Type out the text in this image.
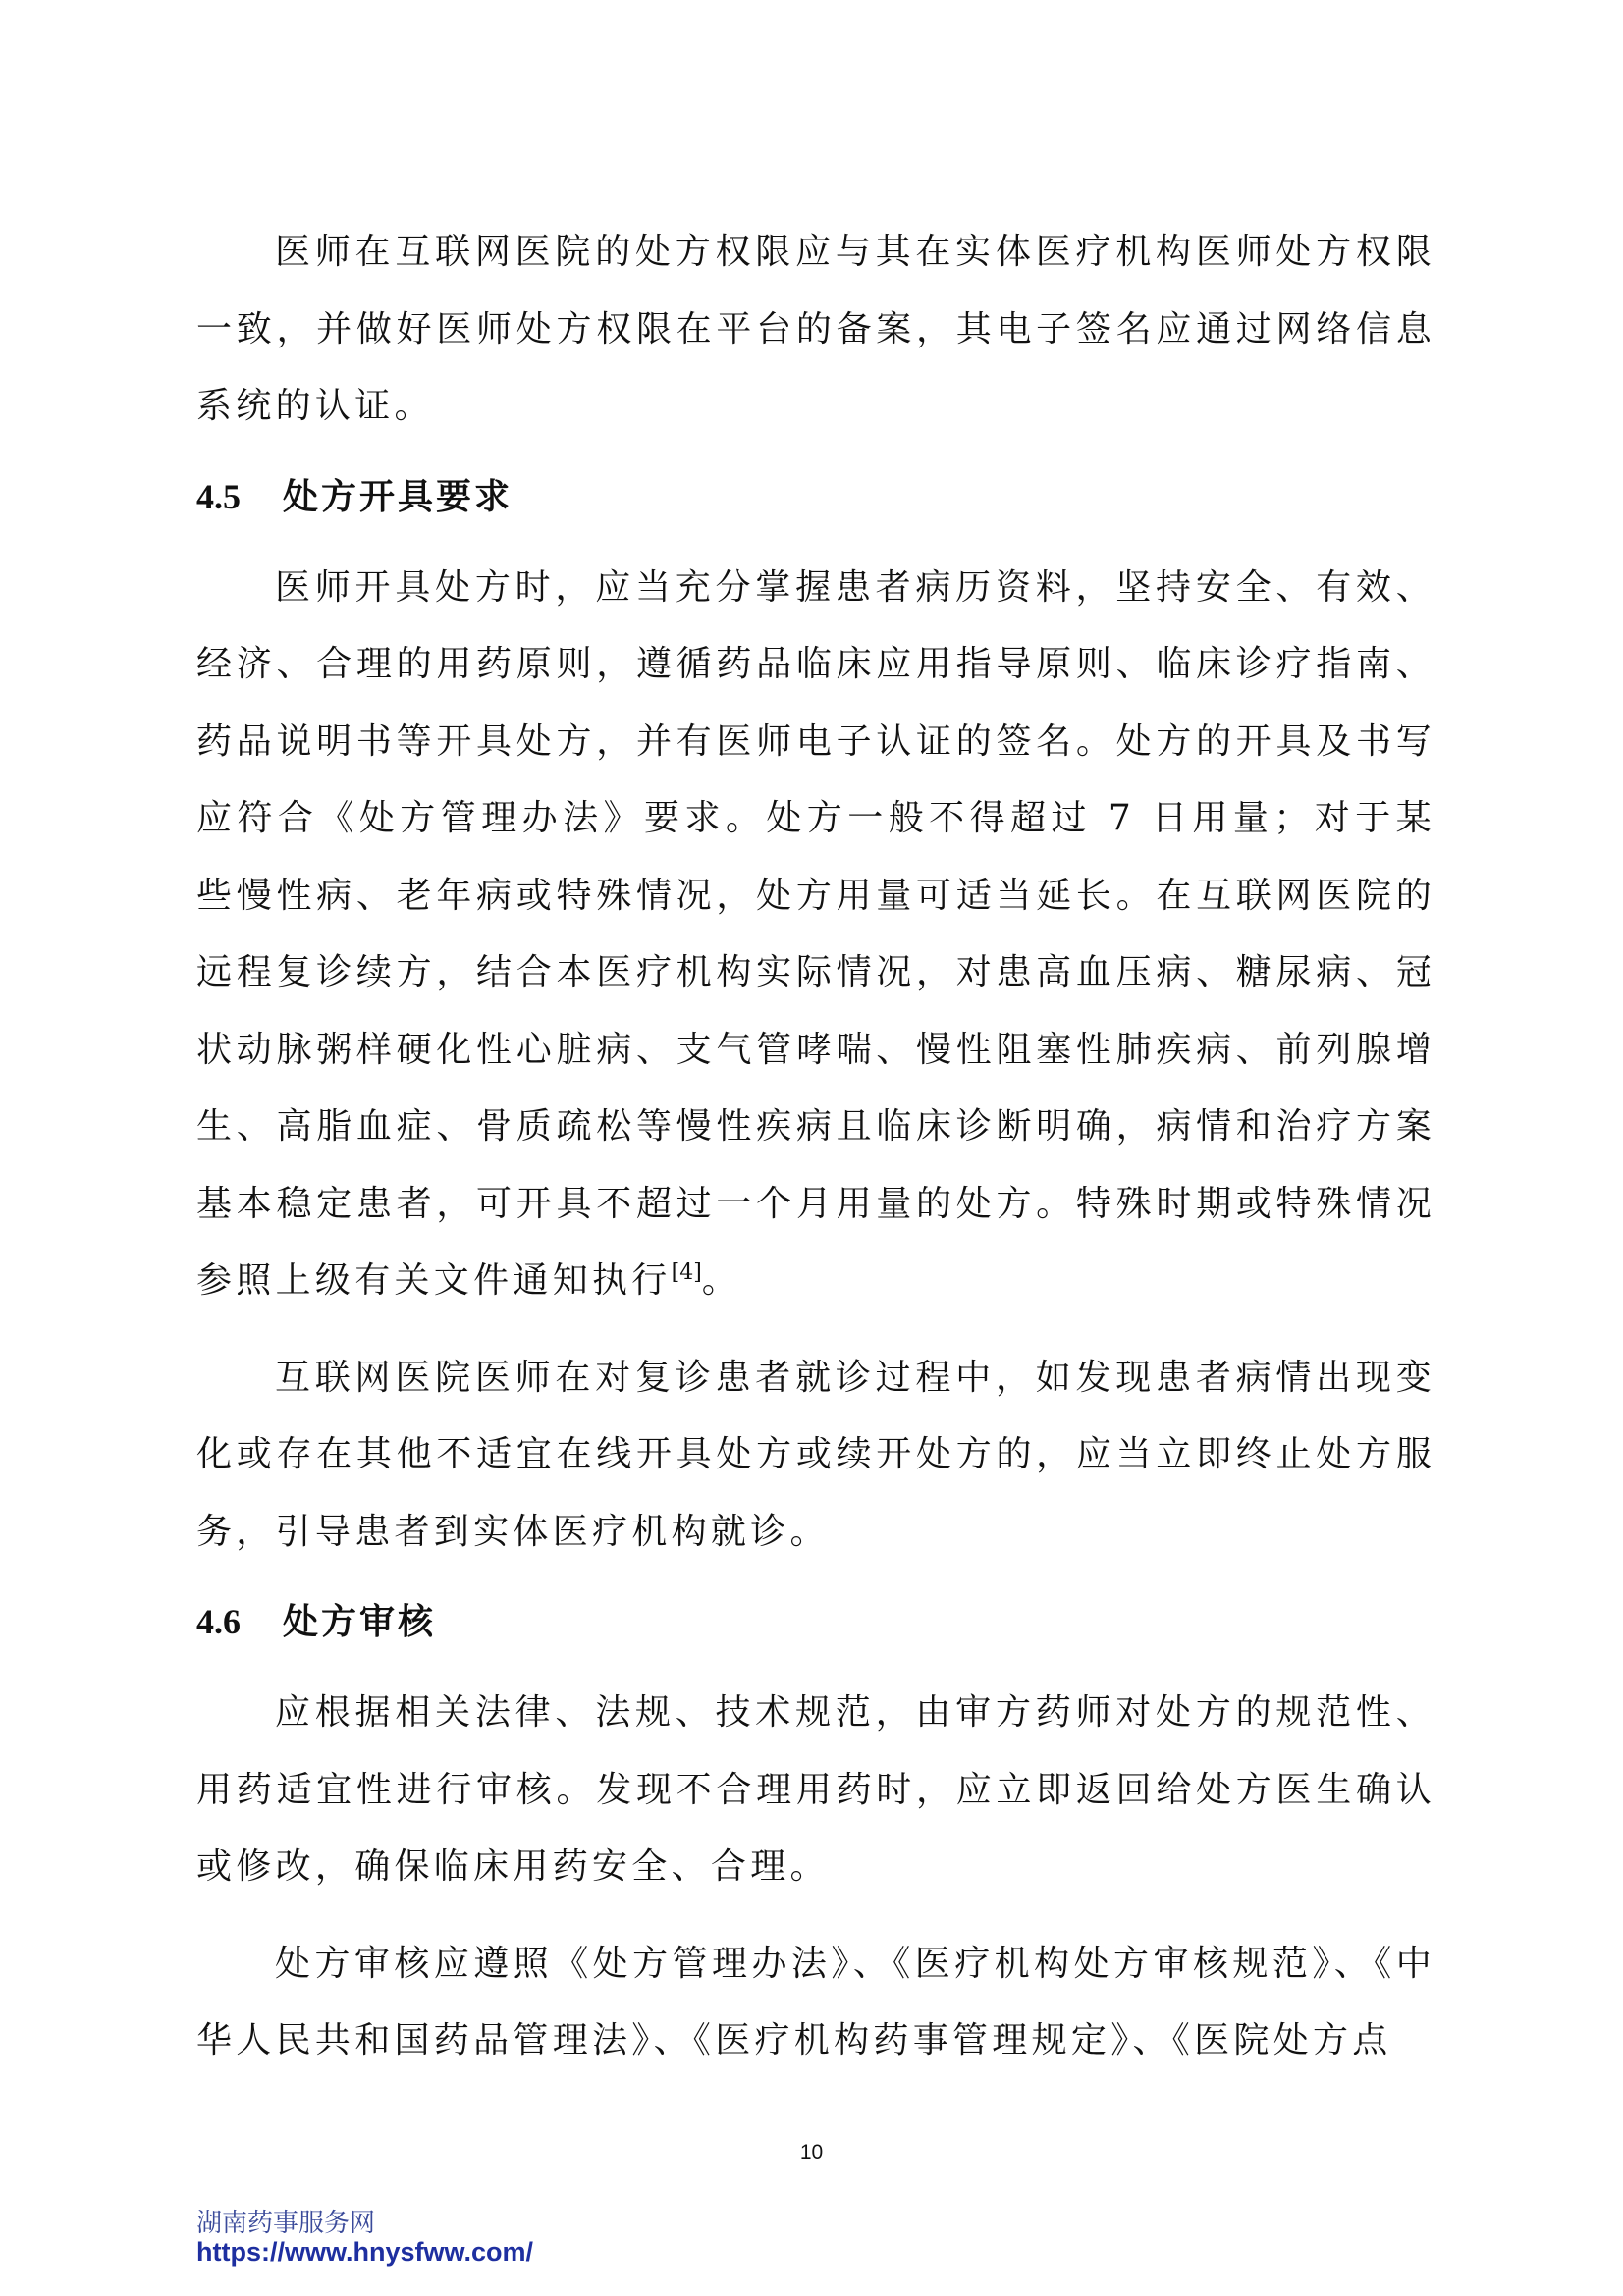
医师在互联网医院的处方权限应与其在实体医疗机构医师处方权限一致，并做好医师处方权限在平台的备案，其电子签名应通过网络信息系统的认证。

4.5	处方开具要求

医师开具处方时，应当充分掌握患者病历资料，坚持安全、有效、经济、合理的用药原则，遵循药品临床应用指导原则、临床诊疗指南、药品说明书等开具处方，并有医师电子认证的签名。处方的开具及书写应符合《处方管理办法》要求。处方一般不得超过 7 日用量；对于某些慢性病、老年病或特殊情况，处方用量可适当延长。在互联网医院的远程复诊续方，结合本医疗机构实际情况，对患高血压病、糖尿病、冠状动脉粥样硬化性心脏病、支气管哮喘、慢性阻塞性肺疾病、前列腺增生、高脂血症、骨质疏松等慢性疾病且临床诊断明确，病情和治疗方案基本稳定患者，可开具不超过一个月用量的处方。特殊时期或特殊情况参照上级有关文件通知执行[4]。

互联网医院医师在对复诊患者就诊过程中，如发现患者病情出现变化或存在其他不适宜在线开具处方或续开处方的，应当立即终止处方服务，引导患者到实体医疗机构就诊。

4.6	处方审核

应根据相关法律、法规、技术规范，由审方药师对处方的规范性、用药适宜性进行审核。发现不合理用药时，应立即返回给处方医生确认或修改，确保临床用药安全、合理。

处方审核应遵照《处方管理办法》、《医疗机构处方审核规范》、《中华人民共和国药品管理法》、《医疗机构药事管理规定》、《医院处方点

10
湖南药事服务网
https://www.hnysfww.com/
